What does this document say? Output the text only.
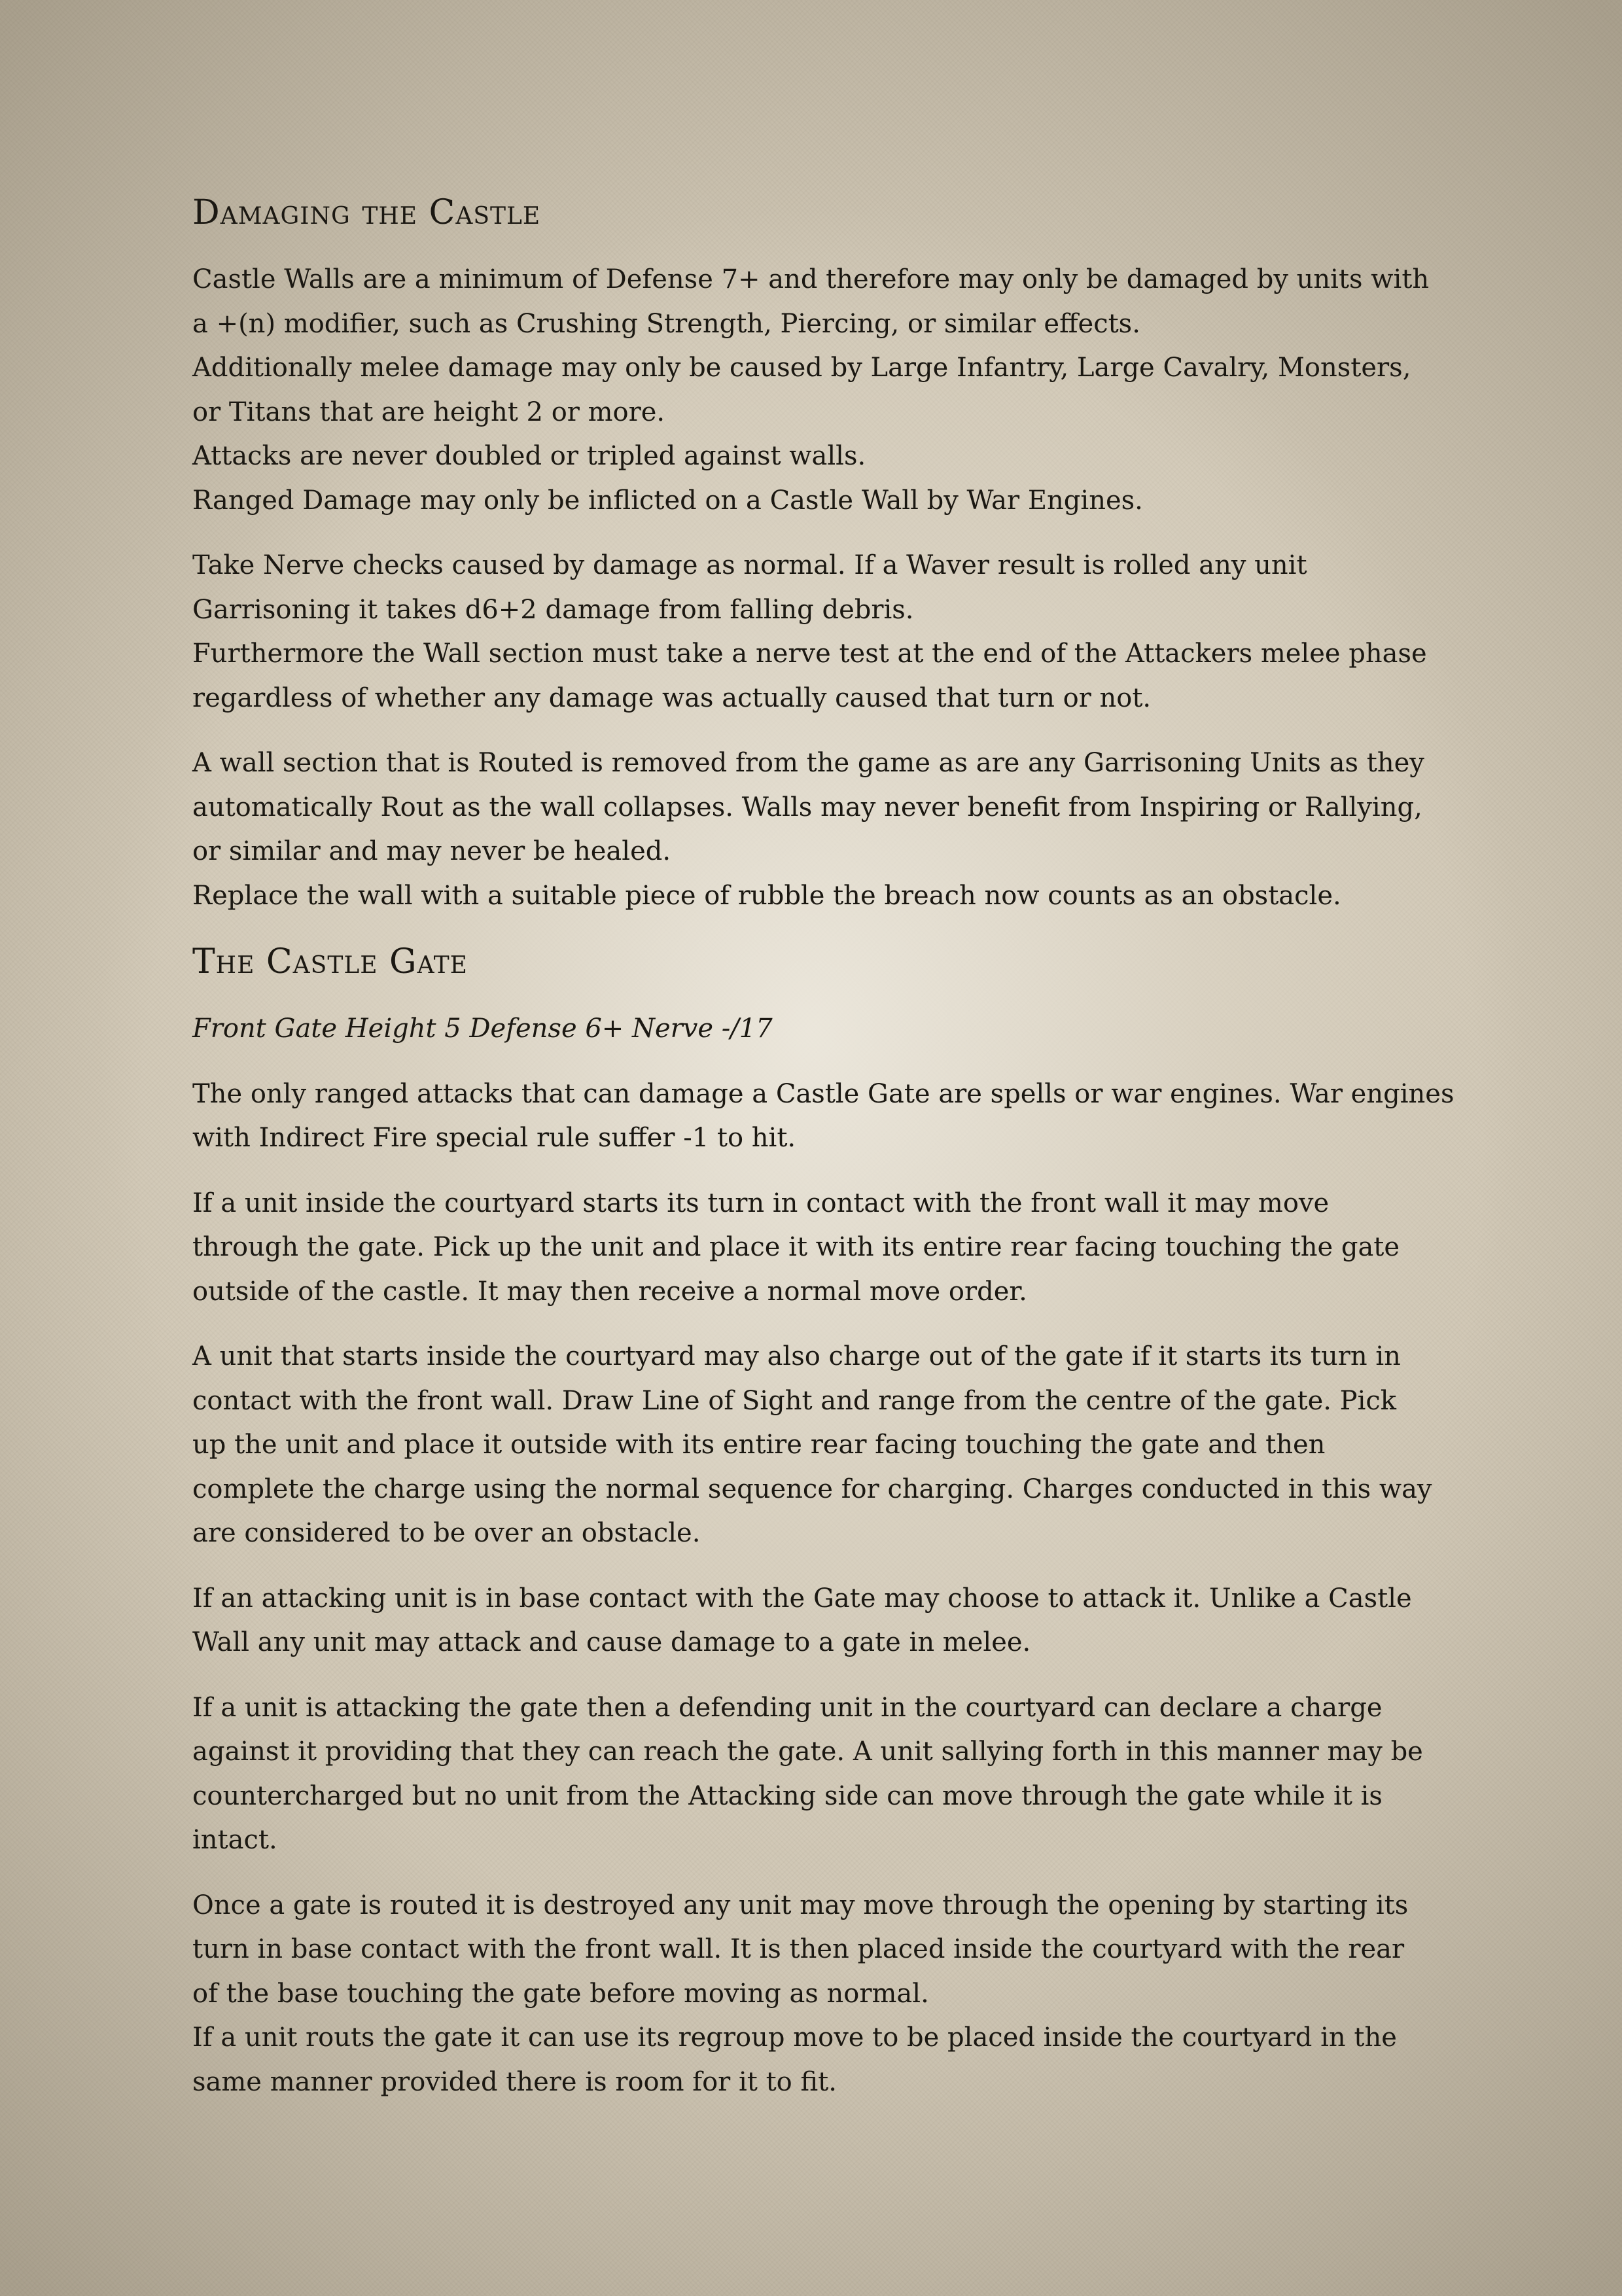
Damaging the Castle

Castle Walls are a minimum of Defense 7+ and therefore may only be damaged by units with
a +(n) modifier, such as Crushing Strength, Piercing, or similar effects.
Additionally melee damage may only be caused by Large Infantry, Large Cavalry, Monsters,
or Titans that are height 2 or more.
Attacks are never doubled or tripled against walls.
Ranged Damage may only be inflicted on a Castle Wall by War Engines.

Take Nerve checks caused by damage as normal. If a Waver result is rolled any unit
Garrisoning it takes d6+2 damage from falling debris.
Furthermore the Wall section must take a nerve test at the end of the Attackers melee phase
regardless of whether any damage was actually caused that turn or not.

A wall section that is Routed is removed from the game as are any Garrisoning Units as they
automatically Rout as the wall collapses. Walls may never benefit from Inspiring or Rallying,
or similar and may never be healed.
Replace the wall with a suitable piece of rubble the breach now counts as an obstacle.

The Castle Gate

Front Gate Height 5 Defense 6+ Nerve -/17

The only ranged attacks that can damage a Castle Gate are spells or war engines. War engines
with Indirect Fire special rule suffer -1 to hit.

If a unit inside the courtyard starts its turn in contact with the front wall it may move
through the gate. Pick up the unit and place it with its entire rear facing touching the gate
outside of the castle. It may then receive a normal move order.

A unit that starts inside the courtyard may also charge out of the gate if it starts its turn in
contact with the front wall. Draw Line of Sight and range from the centre of the gate. Pick
up the unit and place it outside with its entire rear facing touching the gate and then
complete the charge using the normal sequence for charging. Charges conducted in this way
are considered to be over an obstacle.

If an attacking unit is in base contact with the Gate may choose to attack it. Unlike a Castle
Wall any unit may attack and cause damage to a gate in melee.

If a unit is attacking the gate then a defending unit in the courtyard can declare a charge
against it providing that they can reach the gate. A unit sallying forth in this manner may be
countercharged but no unit from the Attacking side can move through the gate while it is
intact.

Once a gate is routed it is destroyed any unit may move through the opening by starting its
turn in base contact with the front wall. It is then placed inside the courtyard with the rear
of the base touching the gate before moving as normal.
If a unit routs the gate it can use its regroup move to be placed inside the courtyard in the
same manner provided there is room for it to fit.
